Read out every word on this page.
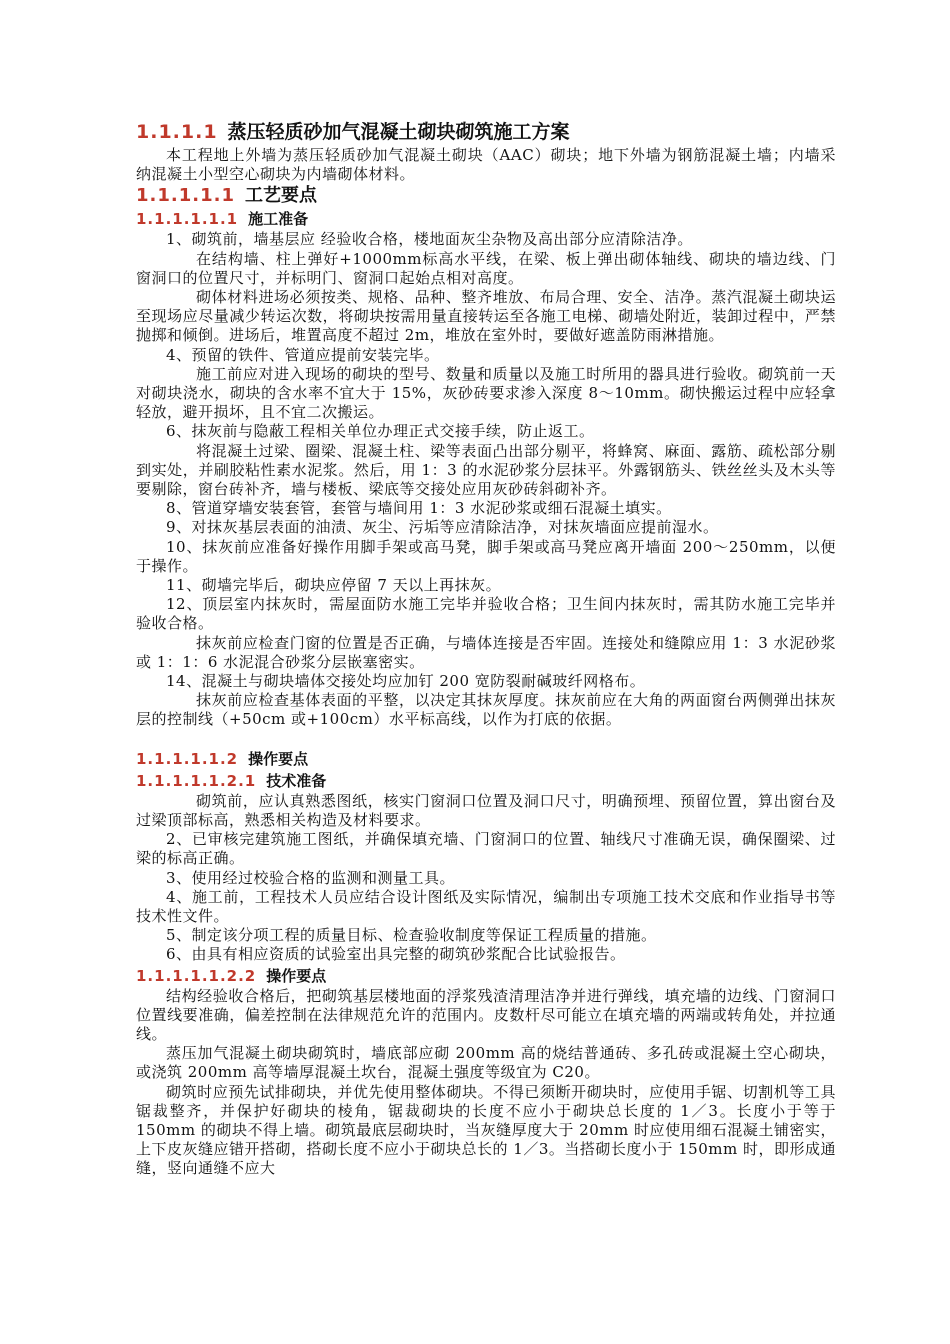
1.1.1.1 蒸压轻质砂加气混凝土砌块砌筑施工方案

本工程地上外墙为蒸压轻质砂加气混凝土砌块（AAC）砌块；地下外墙为钢筋混凝土墙；内墙采纳混凝土小型空心砌块为内墙砌体材料。

1.1.1.1.1 工艺要点
1.1.1.1.1.1 施工准备

1、砌筑前，墙基层应 经验收合格，楼地面灰尘杂物及高出部分应清除洁净。

在结构墙、柱上弹好+1000mm标高水平线，在梁、板上弹出砌体轴线、砌块的墙边线、门窗洞口的位置尺寸，并标明门、窗洞口起始点相对高度。

砌体材料进场必须按类、规格、品种、整齐堆放、布局合理、安全、洁净。蒸汽混凝土砌块运至现场应尽量减少转运次数，将砌块按需用量直接转运至各施工电梯、砌墙处附近，装卸过程中，严禁抛掷和倾倒。进场后，堆置高度不超过 2m，堆放在室外时，要做好遮盖防雨淋措施。

4、预留的铁件、管道应提前安装完毕。

施工前应对进入现场的砌块的型号、数量和质量以及施工时所用的器具进行验收。砌筑前一天对砌块浇水，砌块的含水率不宜大于 15%，灰砂砖要求渗入深度 8～10mm。砌快搬运过程中应轻拿轻放，避开损坏，且不宜二次搬运。

6、抹灰前与隐蔽工程相关单位办理正式交接手续，防止返工。

将混凝土过梁、圈梁、混凝土柱、梁等表面凸出部分剔平，将蜂窝、麻面、露筋、疏松部分剔到实处，并刷胶粘性素水泥浆。然后，用 1：3 的水泥砂浆分层抹平。外露钢筋头、铁丝丝头及木头等要剔除，窗台砖补齐，墙与楼板、梁底等交接处应用灰砂砖斜砌补齐。

8、管道穿墙安装套管，套管与墙间用 1：3 水泥砂浆或细石混凝土填实。

9、对抹灰基层表面的油渍、灰尘、污垢等应清除洁净，对抹灰墙面应提前湿水。

10、抹灰前应准备好操作用脚手架或高马凳，脚手架或高马凳应离开墙面 200～250mm，以便于操作。

11、砌墙完毕后，砌块应停留 7 天以上再抹灰。

12、顶层室内抹灰时，需屋面防水施工完毕并验收合格；卫生间内抹灰时，需其防水施工完毕并验收合格。

抹灰前应检查门窗的位置是否正确，与墙体连接是否牢固。连接处和缝隙应用 1：3 水泥砂浆或 1：1：6 水泥混合砂浆分层嵌塞密实。

14、混凝土与砌块墙体交接处均应加钉 200 宽防裂耐碱玻纤网格布。

抹灰前应检查基体表面的平整，以决定其抹灰厚度。抹灰前应在大角的两面窗台两侧弹出抹灰层的控制线（+50cm 或+100cm）水平标高线，以作为打底的依据。

1.1.1.1.1.2 操作要点
1.1.1.1.1.2.1 技术准备

砌筑前，应认真熟悉图纸，核实门窗洞口位置及洞口尺寸，明确预埋、预留位置，算出窗台及过梁顶部标高，熟悉相关构造及材料要求。

2、已审核完建筑施工图纸，并确保填充墙、门窗洞口的位置、轴线尺寸准确无误，确保圈梁、过梁的标高正确。

3、使用经过校验合格的监测和测量工具。

4、施工前，工程技术人员应结合设计图纸及实际情况，编制出专项施工技术交底和作业指导书等技术性文件。

5、制定该分项工程的质量目标、检查验收制度等保证工程质量的措施。

6、由具有相应资质的试验室出具完整的砌筑砂浆配合比试验报告。

1.1.1.1.1.2.2 操作要点

结构经验收合格后，把砌筑基层楼地面的浮浆残渣清理洁净并进行弹线，填充墙的边线、门窗洞口位置线要准确，偏差控制在法律规范允许的范围内。皮数杆尽可能立在填充墙的两端或转角处，并拉通线。

蒸压加气混凝土砌块砌筑时，墙底部应砌 200mm 高的烧结普通砖、多孔砖或混凝土空心砌块，或浇筑 200mm 高等墙厚混凝土坎台，混凝土强度等级宜为 C20。

砌筑时应预先试排砌块，并优先使用整体砌块。不得已须断开砌块时，应使用手锯、切割机等工具锯裁整齐，并保护好砌块的棱角，锯裁砌块的长度不应小于砌块总长度的 1／3。长度小于等于 150mm 的砌块不得上墙。砌筑最底层砌块时，当灰缝厚度大于 20mm 时应使用细石混凝土铺密实，上下皮灰缝应错开搭砌，搭砌长度不应小于砌块总长的 1／3。当搭砌长度小于 150mm 时，即形成通缝，竖向通缝不应大
